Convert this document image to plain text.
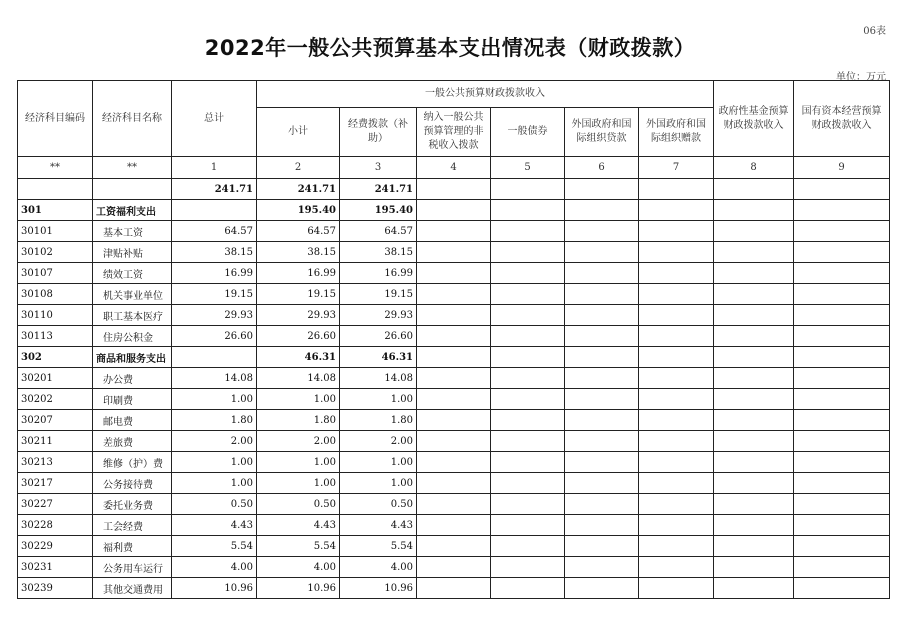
06表
2022年一般公共预算基本支出情况表（财政拨款）
单位：万元
经济科目编码	经济科目名称	总计	一般公共预算财政拨款收入						政府性基金预算财政拨款收入	国有资本经营预算财政拨款收入
			小计	经费拨款（补助）	纳入一般公共预算管理的非税收入拨款	一般债券	外国政府和国际组织贷款	外国政府和国际组织赠款		
**	**	1	2	3	4	5	6	7	8	9
		241.71	241.71	241.71						
301	工资福利支出		195.40	195.40						
30101	基本工资	64.57	64.57	64.57						
30102	津贴补贴	38.15	38.15	38.15						
30107	绩效工资	16.99	16.99	16.99						
30108	机关事业单位	19.15	19.15	19.15						
30110	职工基本医疗	29.93	29.93	29.93						
30113	住房公积金	26.60	26.60	26.60						
302	商品和服务支出		46.31	46.31						
30201	办公费	14.08	14.08	14.08						
30202	印刷费	1.00	1.00	1.00						
30207	邮电费	1.80	1.80	1.80						
30211	差旅费	2.00	2.00	2.00						
30213	维修（护）费	1.00	1.00	1.00						
30217	公务接待费	1.00	1.00	1.00						
30227	委托业务费	0.50	0.50	0.50						
30228	工会经费	4.43	4.43	4.43						
30229	福利费	5.54	5.54	5.54						
30231	公务用车运行	4.00	4.00	4.00						
30239	其他交通费用	10.96	10.96	10.96						
